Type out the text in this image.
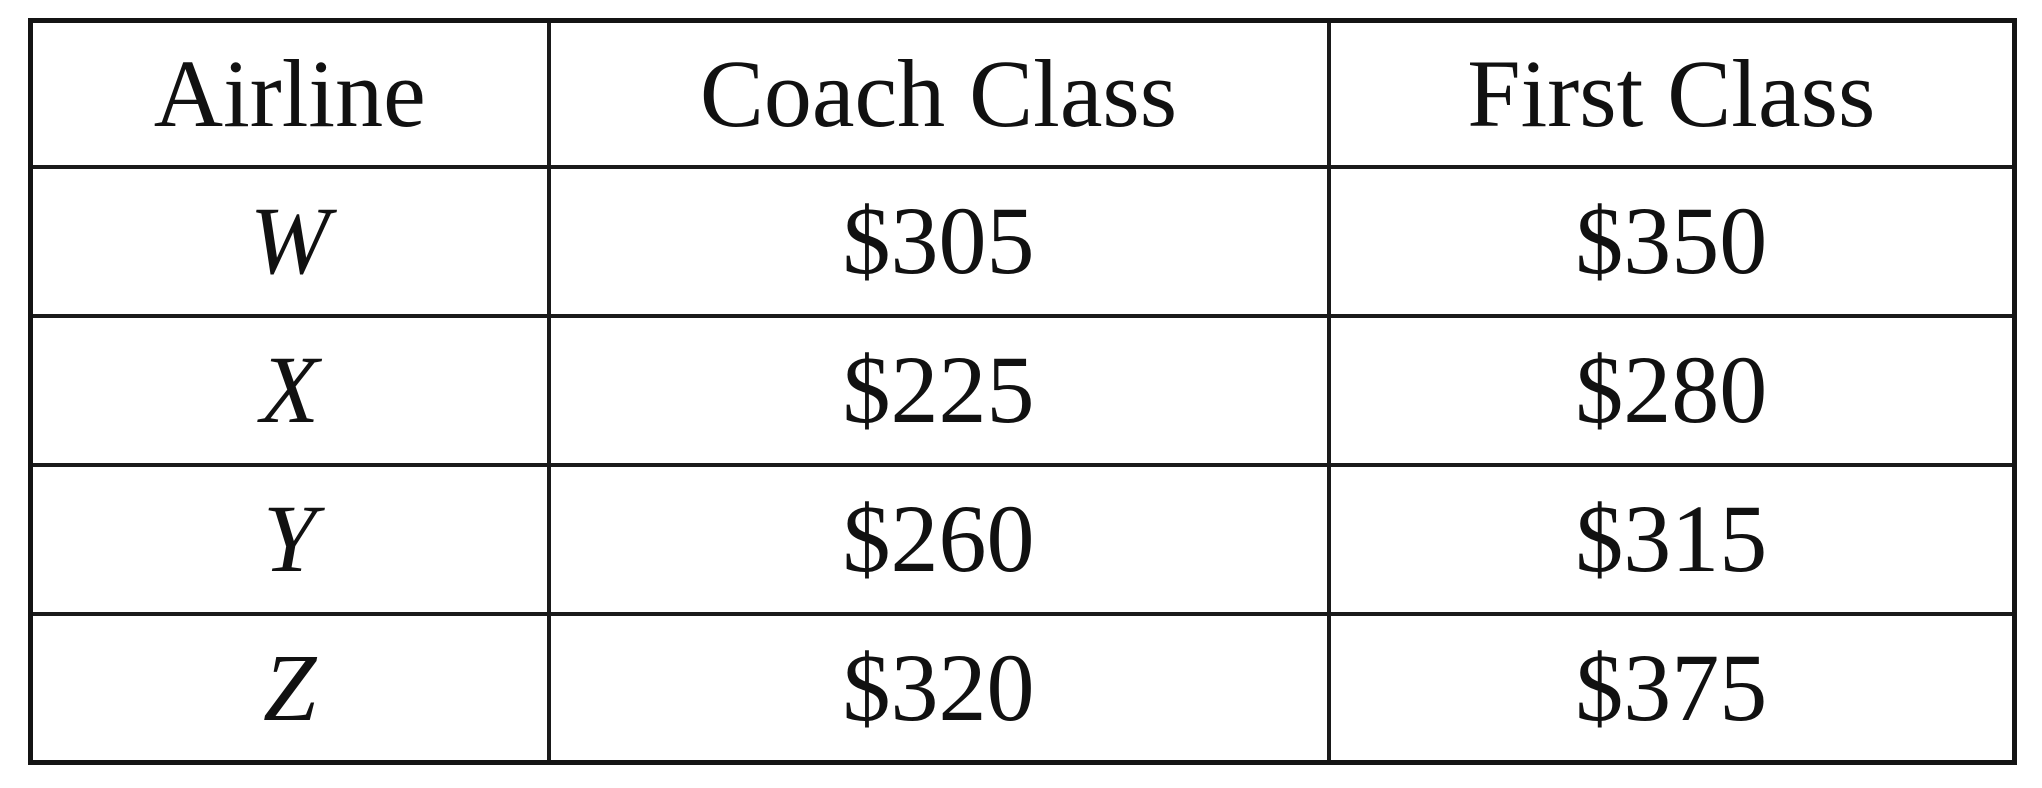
Airline	Coach Class	First Class
W	$305	$350
X	$225	$280
Y	$260	$315
Z	$320	$375
